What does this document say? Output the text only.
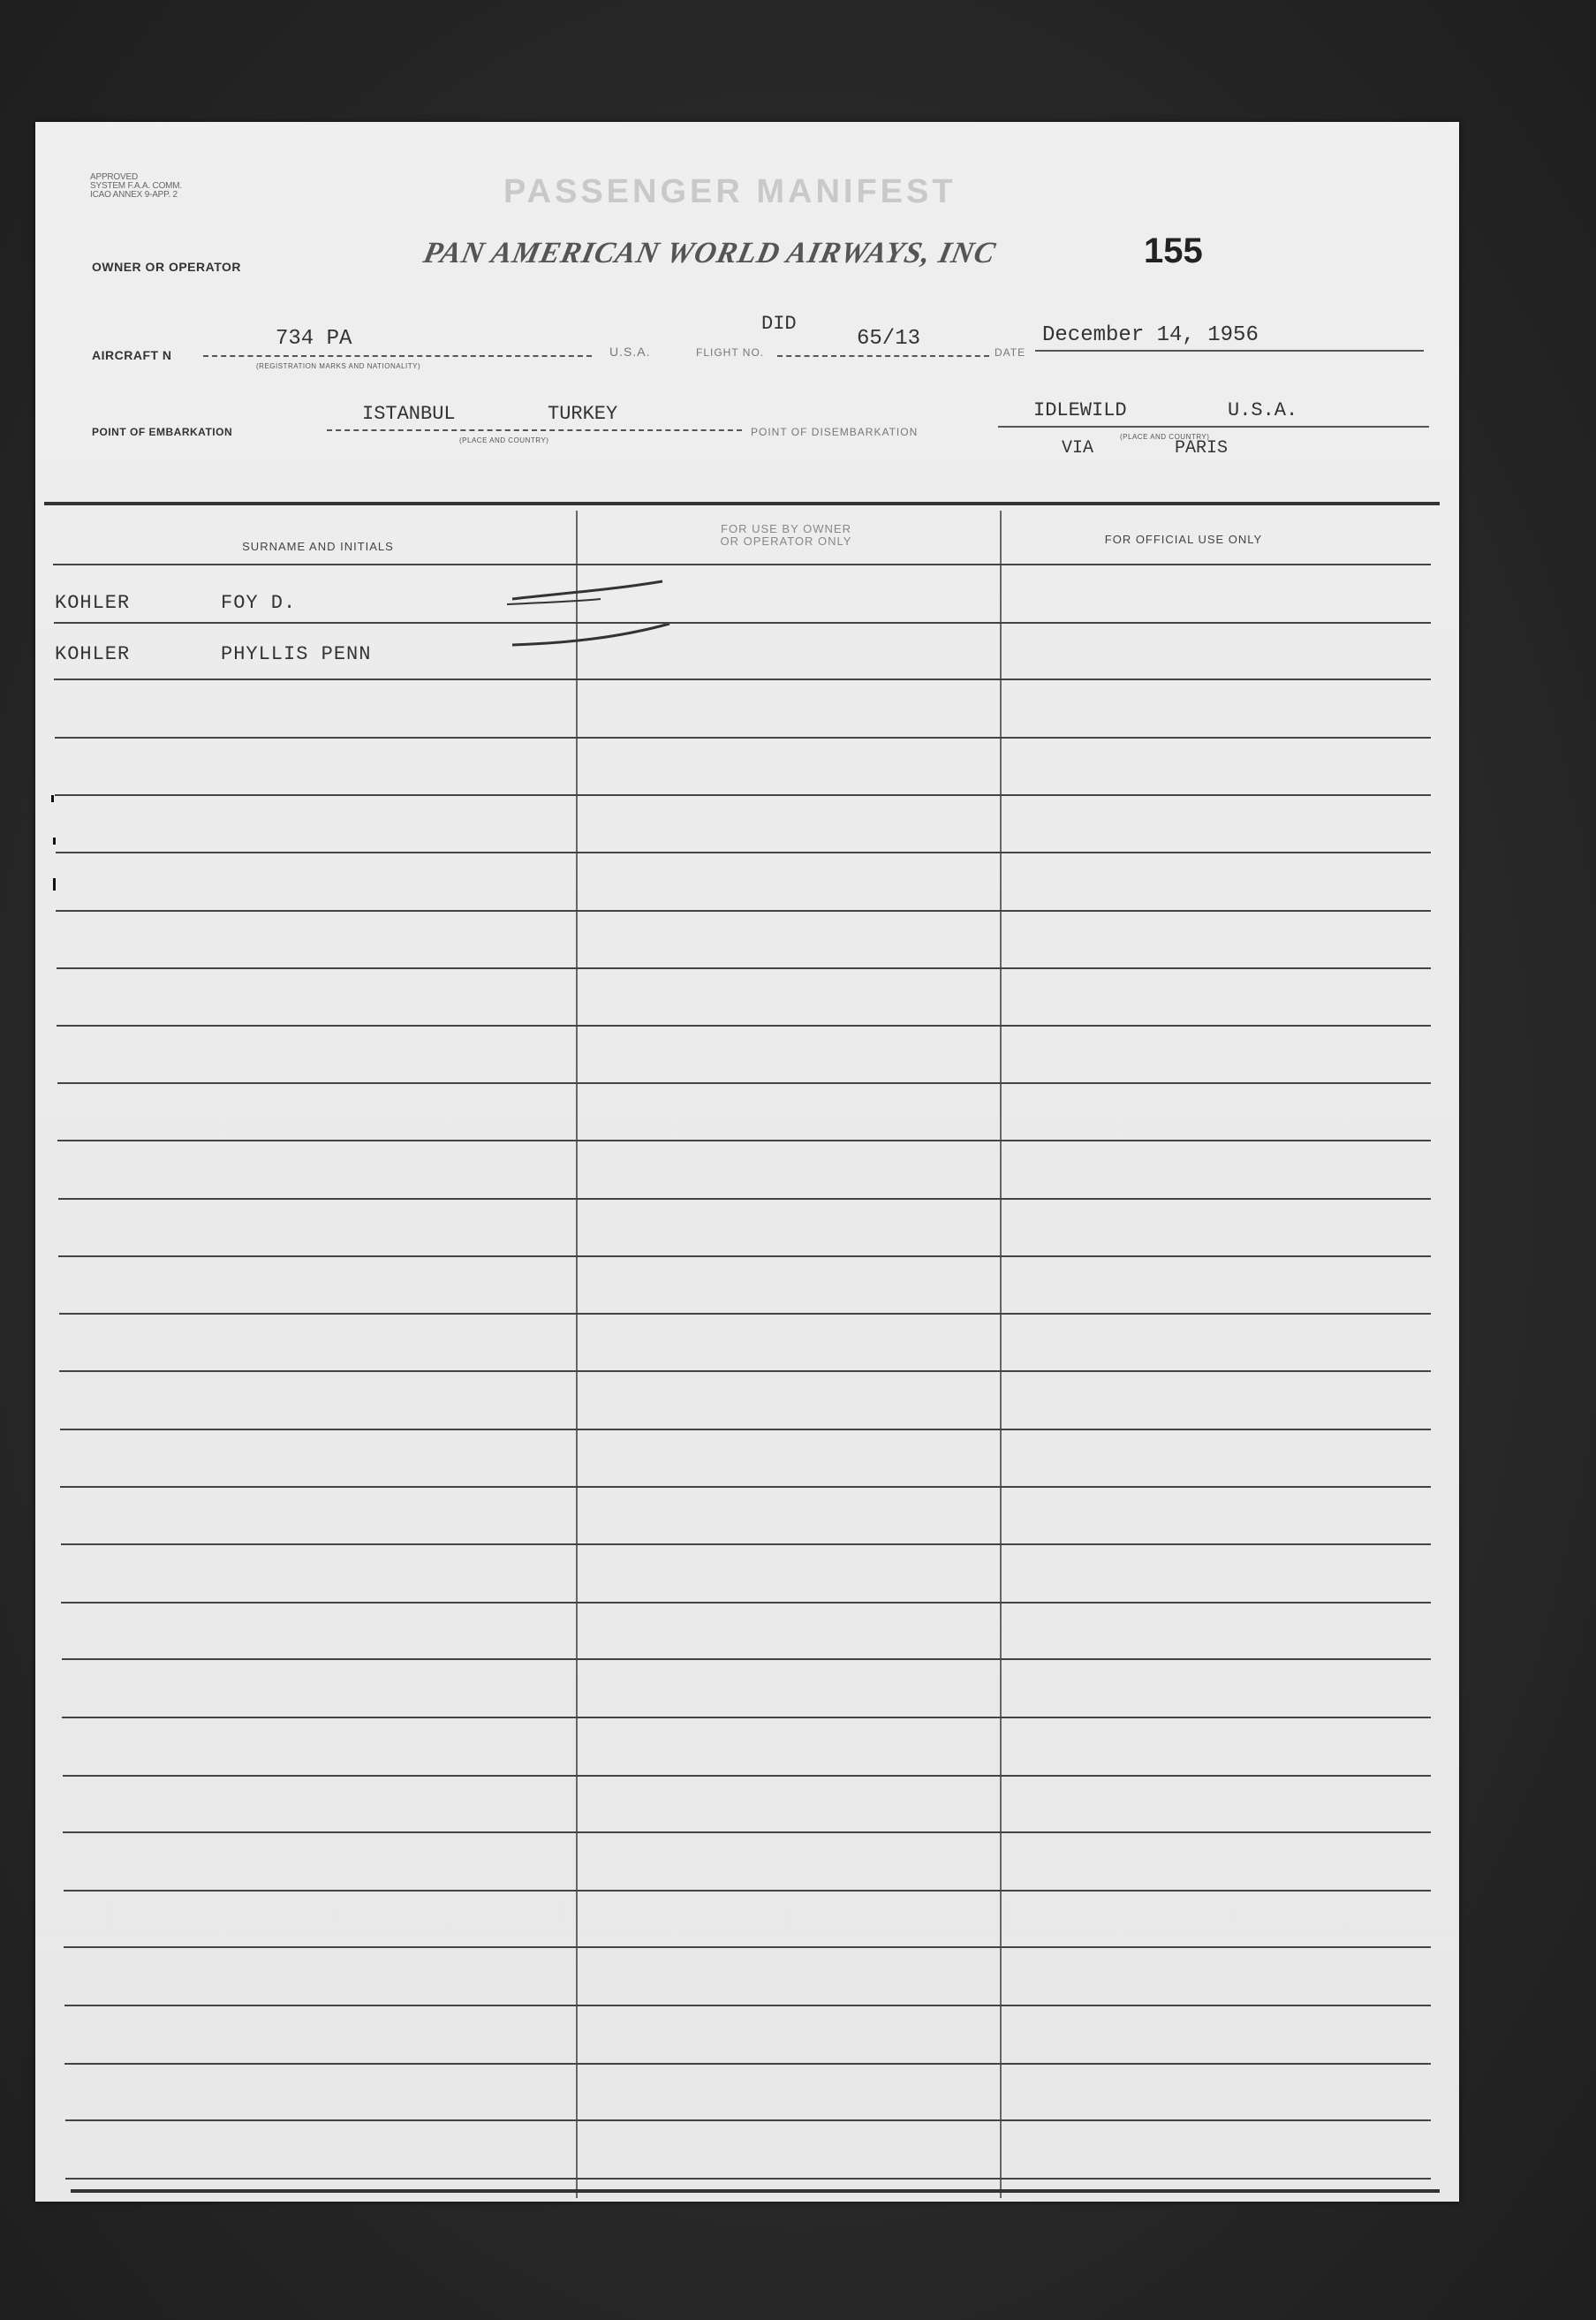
APPROVED
SYSTEM F.A.A. COMM.
ICAO ANNEX 9-APP. 2	PASSENGER MANIFEST
OWNER OR OPERATOR	PAN AMERICAN WORLD AIRWAYS, INC	155
AIRCRAFT N
734 PA
(REGISTRATION MARKS AND NATIONALITY)
U.S.A.	FLIGHT NO.
DID
65/13
DATE
December 14, 1956
POINT OF EMBARKATION
ISTANBUL	TURKEY
(PLACE AND COUNTRY)
POINT OF DISEMBARKATION
IDLEWILD	U.S.A.
VIA
(PLACE AND COUNTRY)
PARIS
SURNAME AND INITIALS
FOR USE BY OWNER
OR OPERATOR ONLY	FOR OFFICIAL USE ONLY
KOHLER	FOY D.
KOHLER	PHYLLIS PENN
